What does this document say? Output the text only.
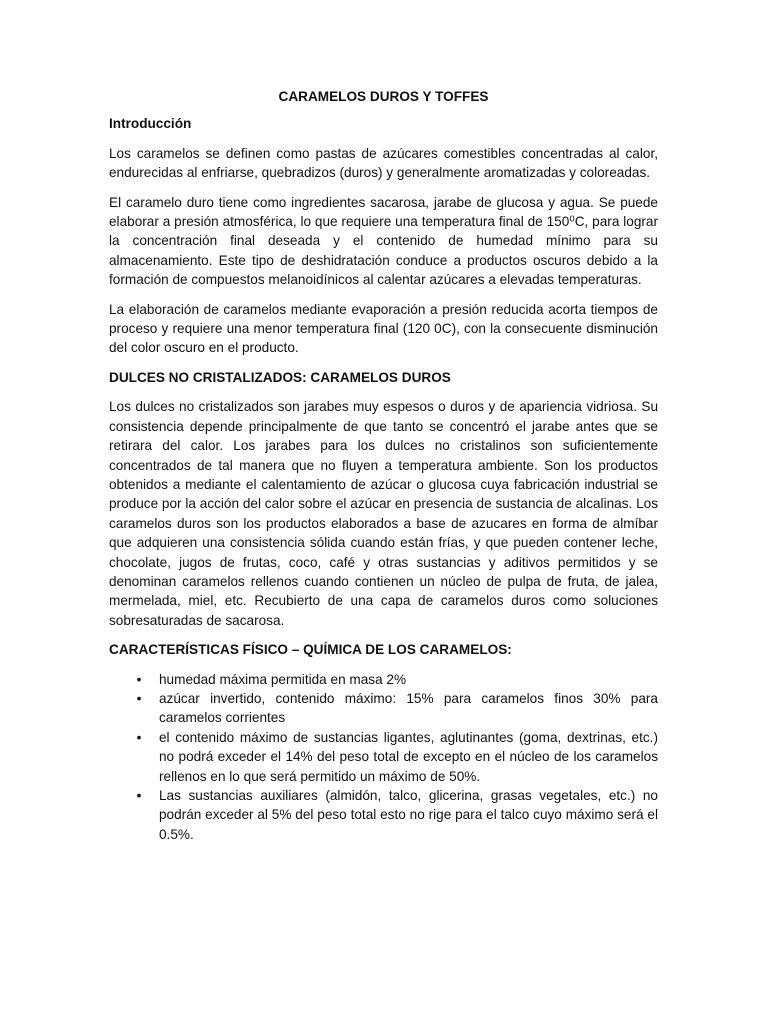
CARAMELOS DUROS Y TOFFES
Introducción

Los caramelos se definen como pastas de azúcares comestibles concentradas al calor, endurecidas al enfriarse, quebradizos (duros) y generalmente aromatizadas y coloreadas.

El caramelo duro tiene como ingredientes sacarosa, jarabe de glucosa y agua. Se puede elaborar a presión atmosférica, lo que requiere una temperatura final de 150⁰C, para lograr la concentración final deseada y el contenido de humedad mínimo para su almacenamiento. Este tipo de deshidratación conduce a productos oscuros debido a la formación de compuestos melanoidínicos al calentar azúcares a elevadas temperaturas.

La elaboración de caramelos mediante evaporación a presión reducida acorta tiempos de proceso y requiere una menor temperatura final (120 0C), con la consecuente disminución del color oscuro en el producto.

DULCES NO CRISTALIZADOS: CARAMELOS DUROS

Los dulces no cristalizados son jarabes muy espesos o duros y de apariencia vidriosa. Su consistencia depende principalmente de que tanto se concentró el jarabe antes que se retirara del calor. Los jarabes para los dulces no cristalinos son suficientemente concentrados de tal manera que no fluyen a temperatura ambiente. Son los productos obtenidos a mediante el calentamiento de azúcar o glucosa cuya fabricación industrial se produce por la acción del calor sobre el azúcar en presencia de sustancia de alcalinas. Los caramelos duros son los productos elaborados a base de azucares en forma de almíbar que adquieren una consistencia sólida cuando están frías, y que pueden contener leche, chocolate, jugos de frutas, coco, café y otras sustancias y aditivos permitidos y se denominan caramelos rellenos cuando contienen un núcleo de pulpa de fruta, de jalea, mermelada, miel, etc. Recubierto de una capa de caramelos duros como soluciones sobresaturadas de sacarosa.

CARACTERÍSTICAS FÍSICO – QUÍMICA DE LOS CARAMELOS:
• humedad máxima permitida en masa 2%
• azúcar invertido, contenido máximo: 15% para caramelos finos 30% para caramelos corrientes
• el contenido máximo de sustancias ligantes, aglutinantes (goma, dextrinas, etc.) no podrá exceder el 14% del peso total de excepto en el núcleo de los caramelos rellenos en lo que será permitido un máximo de 50%.
• Las sustancias auxiliares (almidón, talco, glicerina, grasas vegetales, etc.) no podrán exceder al 5% del peso total esto no rige para el talco cuyo máximo será el 0.5%.
